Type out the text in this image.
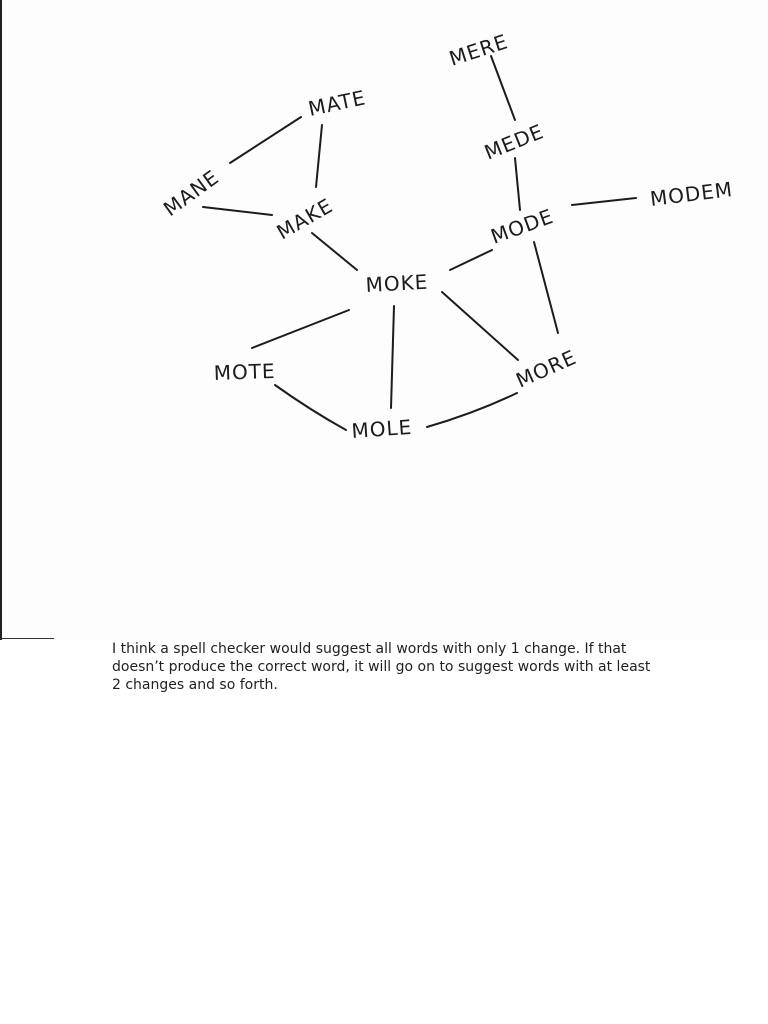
MERE
MEDE
MATE
MANE MAKE	MODE
MODEM
MOKE
MOTE	MORE
MOLE

I think a spell checker would suggest all words with only 1 change. If that doesn’t produce the correct word, it will go on to suggest words with at least 2 changes and so forth.
